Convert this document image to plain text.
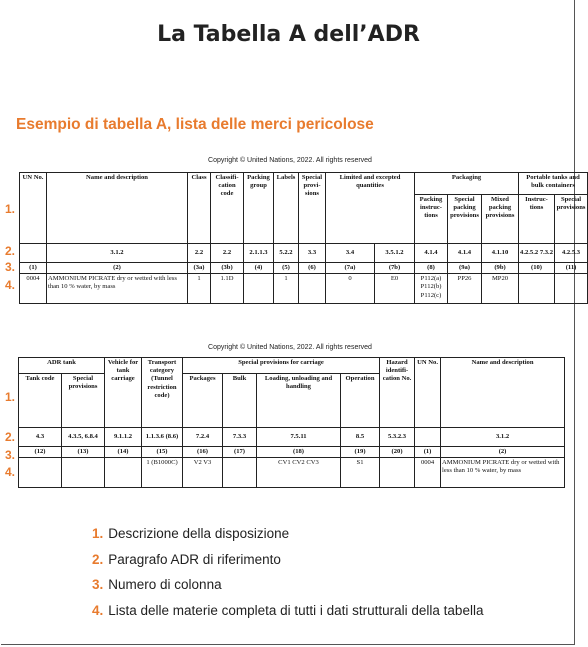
La Tabella A dell’ADR

Esempio di tabella A, lista delle merci pericolose

Copyright © United Nations, 2022. All rights reserved
UN No.	Name and description	Class	Classifi-cation code	Packing group	Labels	Special provi-sions	Limited and excepted quantities		Packaging			Portable tanks and bulk containers	
									Packing instruc-tions	Special packing provisions	Mixed packing provisions	Instruc-tions	Special provisions
	3.1.2	2.2	2.2	2.1.1.3	5.2.2	3.3	3.4	3.5.1.2	4.1.4	4.1.4	4.1.10	4.2.5.2 7.3.2	4.2.5.3
(1)	(2)	(3a)	(3b)	(4)	(5)	(6)	(7a)	(7b)	(8)	(9a)	(9b)	(10)	(11)
0004	AMMONIUM PICRATE dry or wetted with less than 10 % water, by mass	1	1.1D		1		0	E0	P112(a) P112(b) P112(c)	PP26	MP20		
1.
2.
3.
4.
Copyright © United Nations, 2022. All rights reserved
ADR tank		Vehicle for tank carriage	Transport category (Tunnel restriction code)	Special provisions for carriage				Hazard identifi-cation No.	UN No.	Name and description
Tank code	Special provisions			Packages	Bulk	Loading, unloading and handling	Operation			
4.3	4.3.5, 6.8.4	9.1.1.2	1.1.3.6 (8.6)	7.2.4	7.3.3	7.5.11	8.5	5.3.2.3		3.1.2
(12)	(13)	(14)	(15)	(16)	(17)	(18)	(19)	(20)	(1)	(2)
			1 (B1000C)	V2 V3		CV1 CV2 CV3	S1		0004	AMMONIUM PICRATE dry or wetted with less than 10 % water, by mass
1.
2.
3.
4.
1. Descrizione della disposizione
2. Paragrafo ADR di riferimento
3. Numero di colonna
4. Lista delle materie completa di tutti i dati strutturali della tabella
